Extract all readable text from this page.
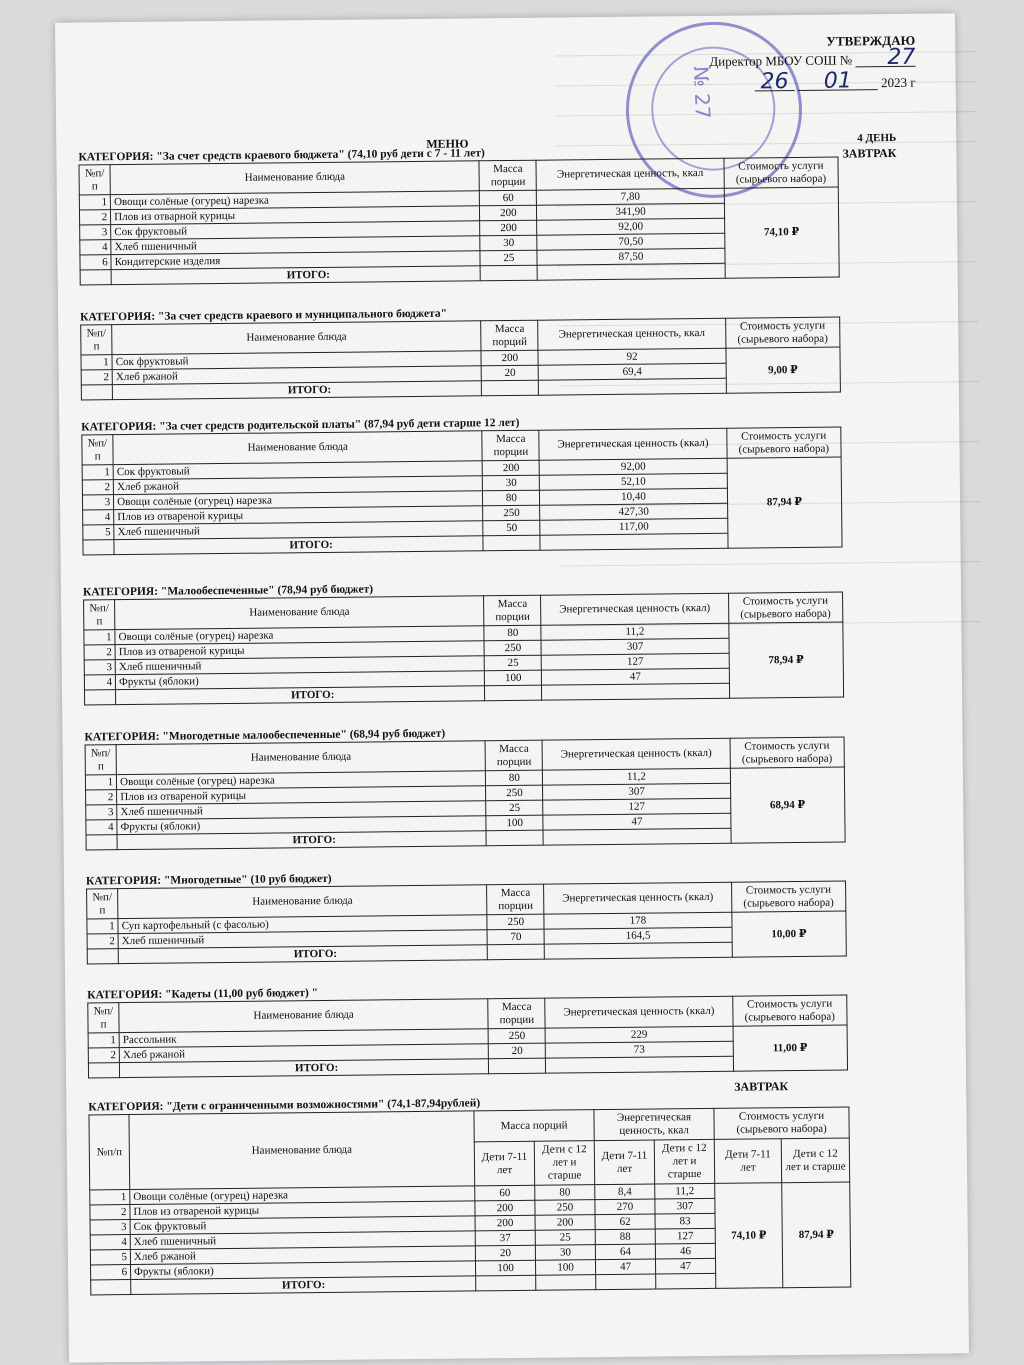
№ 27
УТВЕРЖДАЮ
Директор МБОУ СОШ № 27
26 01 2023 г
МЕНЮ	4 ДЕНЬ
ЗАВТРАК
КАТЕГОРИЯ: "За счет средств краевого бюджета" (74,10 руб дети с 7 - 11 лет)
№п/п	Наименование блюда	Масса порции	Энергетическая ценность, ккал	Стоимость услуги (сырьевого набора)
1	Овощи солёные (огурец) нарезка	60	7,80	74,10 ₽
2	Плов из отварной курицы	200	341,90	
3	Сок фруктовый	200	92,00	
4	Хлеб пшеничный	30	70,50	
6	Кондитерские изделия	25	87,50	
	ИТОГО:			
КАТЕГОРИЯ: "За счет средств краевого и муниципального бюджета"
№п/п	Наименование блюда	Масса порций	Энергетическая ценность, ккал	Стоимость услуги (сырьевого набора)
1	Сок фруктовый	200	92	9,00 ₽
2	Хлеб ржаной	20	69,4	
	ИТОГО:			
КАТЕГОРИЯ: "За счет средств родительской платы" (87,94 руб дети старше 12 лет)
№п/п	Наименование блюда	Масса порции	Энергетическая ценность (ккал)	Стоимость услуги (сырьевого набора)
1	Сок фруктовый	200	92,00	87,94 ₽
2	Хлеб ржаной	30	52,10	
3	Овощи солёные (огурец) нарезка	80	10,40	
4	Плов из отвареной курицы	250	427,30	
5	Хлеб пшеничный	50	117,00	
	ИТОГО:			
КАТЕГОРИЯ: "Малообеспеченные" (78,94 руб бюджет)
№п/п	Наименование блюда	Масса порции	Энергетическая ценность (ккал)	Стоимость услуги (сырьевого набора)
1	Овощи солёные (огурец) нарезка	80	11,2	78,94 ₽
2	Плов из отвареной курицы	250	307	
3	Хлеб пшеничный	25	127	
4	Фрукты (яблоки)	100	47	
	ИТОГО:			
КАТЕГОРИЯ: "Многодетные малообеспеченные" (68,94 руб бюджет)
№п/п	Наименование блюда	Масса порции	Энергетическая ценность (ккал)	Стоимость услуги (сырьевого набора)
1	Овощи солёные (огурец) нарезка	80	11,2	68,94 ₽
2	Плов из отвареной курицы	250	307	
3	Хлеб пшеничный	25	127	
4	Фрукты (яблоки)	100	47	
	ИТОГО:			
КАТЕГОРИЯ: "Многодетные" (10 руб бюджет)
№п/п	Наименование блюда	Масса порции	Энергетическая ценность (ккал)	Стоимость услуги (сырьевого набора)
1	Суп картофельный (с фасолью)	250	178	10,00 ₽
2	Хлеб пшеничный	70	164,5	
	ИТОГО:			
КАТЕГОРИЯ: "Кадеты (11,00 руб бюджет) "
№п/п	Наименование блюда	Масса порции	Энергетическая ценность (ккал)	Стоимость услуги (сырьевого набора)
1	Рассольник	250	229	11,00 ₽
2	Хлеб ржаной	20	73	
	ИТОГО:			
ЗАВТРАК
КАТЕГОРИЯ: "Дети с ограниченными возможностями" (74,1-87,94рублей)
№п/п	Наименование блюда	Масса порций		Энергетическая ценность, ккал		Стоимость услуги (сырьевого набора)	
		Дети 7-11 лет	Дети с 12 лет и старше	Дети 7-11 лет	Дети с 12 лет и старше	Дети 7-11 лет	Дети с 12 лет и старше
1	Овощи солёные (огурец) нарезка	60	80	8,4	11,2	74,10 ₽	87,94 ₽
2	Плов из отвареной курицы	200	250	270	307		
3	Сок фруктовый	200	200	62	83		
4	Хлеб пшеничный	37	25	88	127		
5	Хлеб ржаной	20	30	64	46		
6	Фрукты (яблоки)	100	100	47	47		
	ИТОГО:						
